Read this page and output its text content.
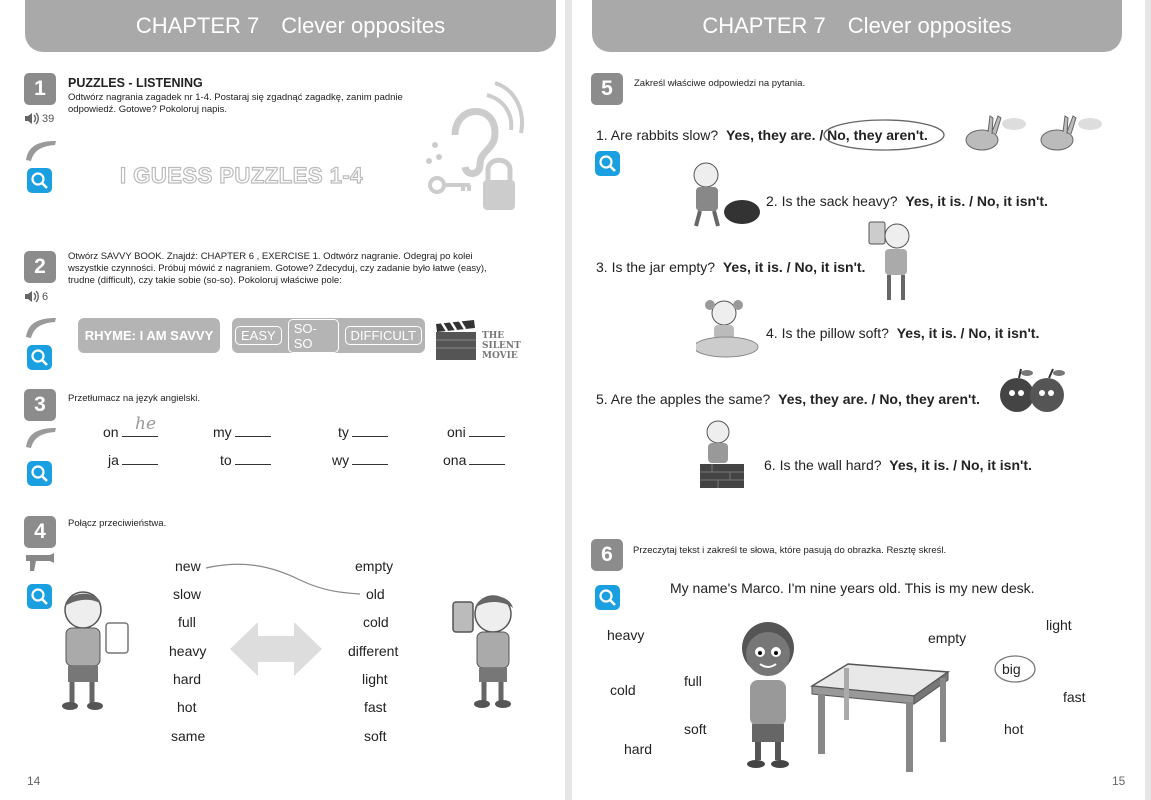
CHAPTER 7 Clever opposites
1
39
PUZZLES - LISTENING
Odtwórz nagrania zagadek nr 1-4. Postaraj się zgadnąć zagadkę, zanim padnie odpowiedź. Gotowe? Pokoloruj napis.
I GUESS PUZZLES 1-4
2
6
Otwórz SAVVY BOOK. Znajdź: CHAPTER 6 , EXERCISE 1. Odtwórz nagranie. Odegraj po kolei wszystkie czynności. Próbuj mówić z nagraniem. Gotowe? Zdecyduj, czy zadanie było łatwe (easy), trudne (difficult), czy takie sobie (so-so). Pokoloruj właściwe pole:
RHYME: I AM SAVVY	EASY	SO-SO	DIFFICULT	THE
SILENT
MOVIE
3	Przetłumacz na język angielski.
on he	my	ty	oni
ja	to	wy	ona
4	Połącz przeciwieństwa.
new
slow
full
heavy
hard
hot
same
empty
old
cold
different
light
fast
soft
14
CHAPTER 7 Clever opposites
5	Zakreśl właściwe odpowiedzi na pytania.
1. Are rabbits slow? Yes, they are. / No, they aren't.
2. Is the sack heavy? Yes, it is. / No, it isn't.
3. Is the jar empty? Yes, it is. / No, it isn't.
4. Is the pillow soft? Yes, it is. / No, it isn't.
5. Are the apples the same? Yes, they are. / No, they aren't.
6. Is the wall hard? Yes, it is. / No, it isn't.
6	Przeczytaj tekst i zakreśl te słowa, które pasują do obrazka. Resztę skreśl.
My name's Marco. I'm nine years old. This is my new desk.
heavy
cold
hard
full
soft
empty
light
big
fast
hot
15
